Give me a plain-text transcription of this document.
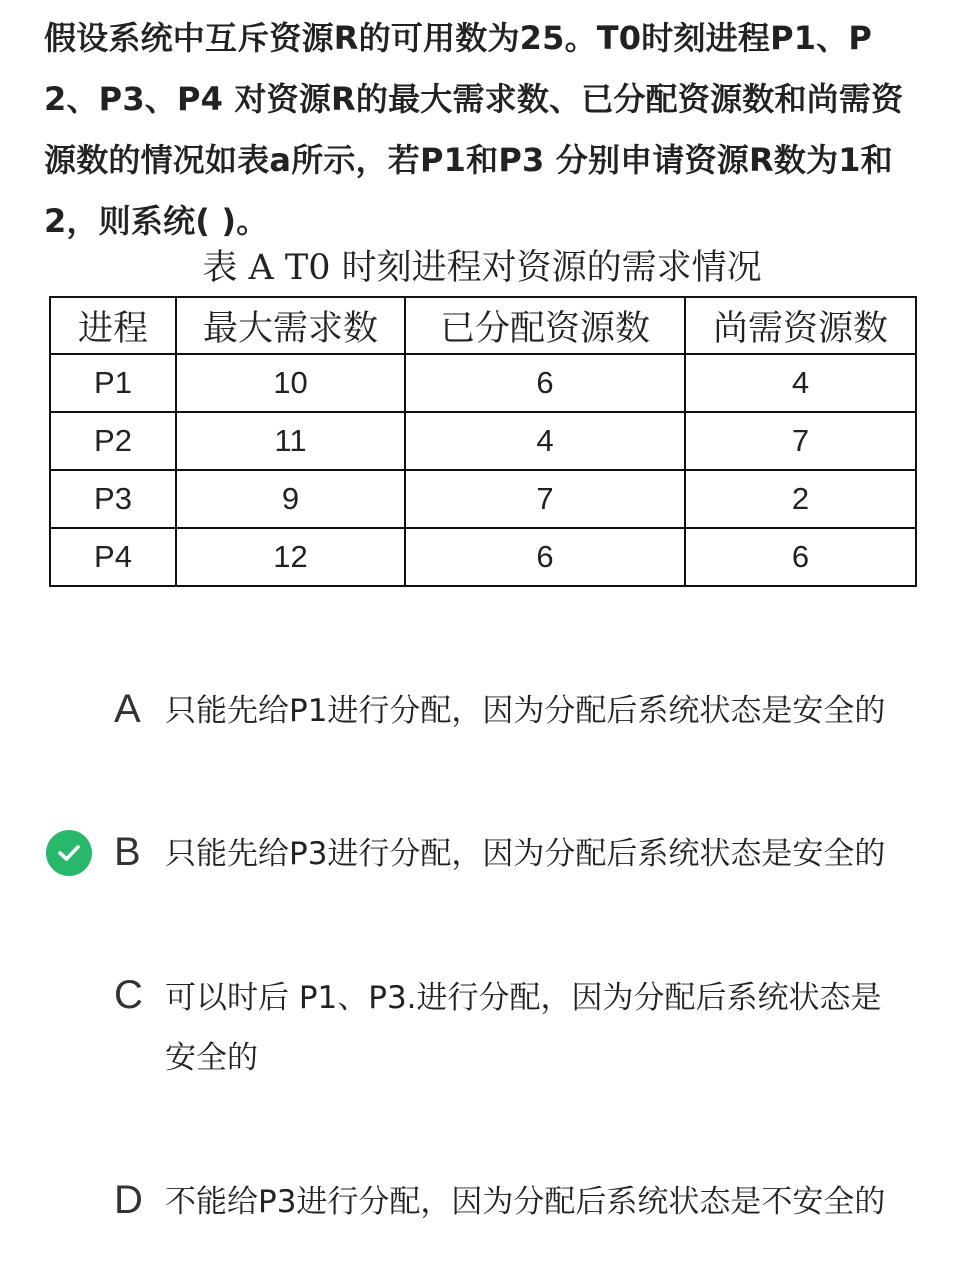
假设系统中互斥资源R的可用数为25。T0时刻进程P1、P2、P3、P4 对资源R的最大需求数、已分配资源数和尚需资源数的情况如表a所示，若P1和P3 分别申请资源R数为1和2，则系统( )。

表 A T0 时刻进程对资源的需求情况
进程	最大需求数	已分配资源数	尚需资源数
P1	10	6	4
P2	11	4	7
P3	9	7	2
P4	12	6	6
A 只能先给P1进行分配，因为分配后系统状态是安全的
B 只能先给P3进行分配，因为分配后系统状态是安全的
C 可以时后 P1、P3.进行分配，因为分配后系统状态是安全的
D 不能给P3进行分配，因为分配后系统状态是不安全的
